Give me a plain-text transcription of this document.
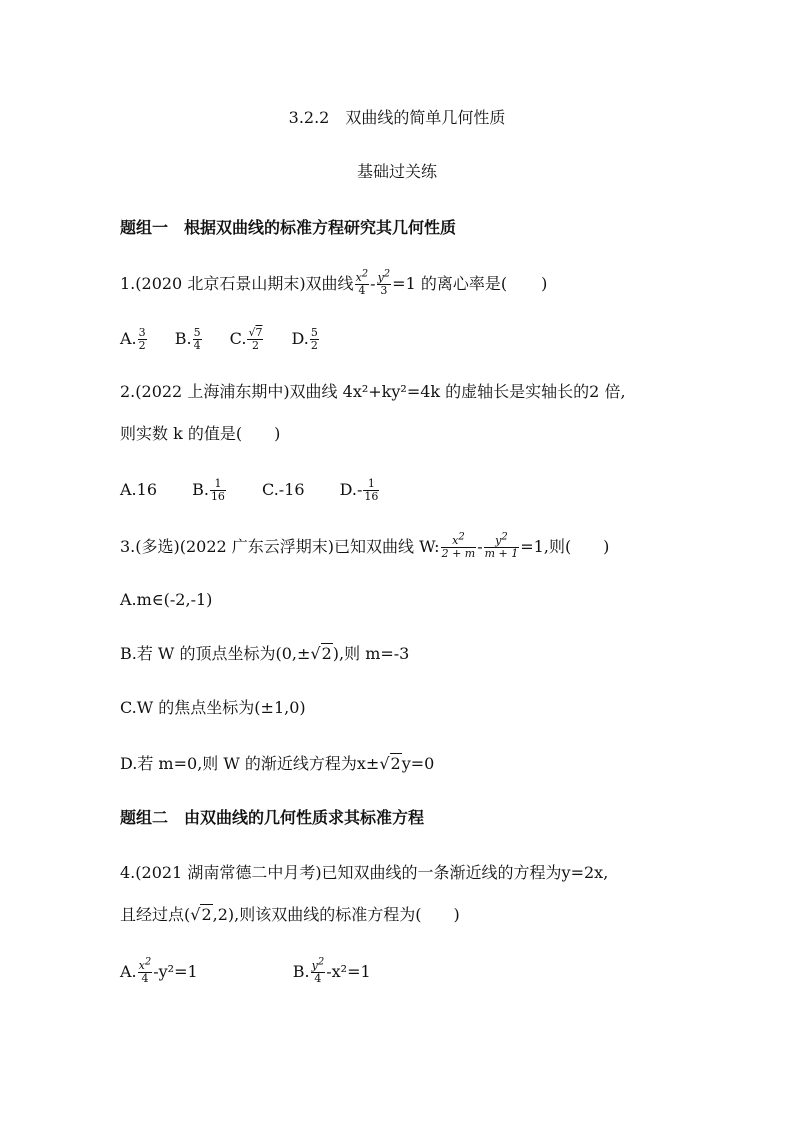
3.2.2　双曲线的简单几何性质
基础过关练
题组一　根据双曲线的标准方程研究其几何性质
1.(2020 北京石景山期末)双曲线 $\frac{x^2}{4} - \frac{y^2}{3} =1$ 的离心率是( )
A. $\frac{3}{2} B$. $\frac{5}{4} C$. $\frac{√7}{2} D$. $\frac{5}{2}$
2.(2022 上海浦东期中)双曲线 4x²+ky²=4k 的虚轴长是实轴长的2 倍,
则实数 k 的值是(　　)
A.16 B. $\frac{1}{16} C.-16$ $D.- \frac{1}{16}$
3.(多选)(2022 广东云浮期末)已知双曲线 W: $\frac{x^2}{2 + m} - \frac{y^2}{m + 1} =1$,则(　　)
A.m∈(-2,-1)
B.若 W 的顶点坐标为(0,±√2),则 m=-3
C.W 的焦点坐标为(±1,0)
D.若 m=0,则 W 的渐近线方程为x±√2y=0
题组二　由双曲线的几何性质求其标准方程
4.(2021 湖南常德二中月考)已知双曲线的一条渐近线的方程为y=2x,
且经过点(√2,2),则该双曲线的标准方程为(　　)
A. $\frac{x^2}{4} -y^2=1$	B. $\frac{y^2}{4} -x^2=1$
